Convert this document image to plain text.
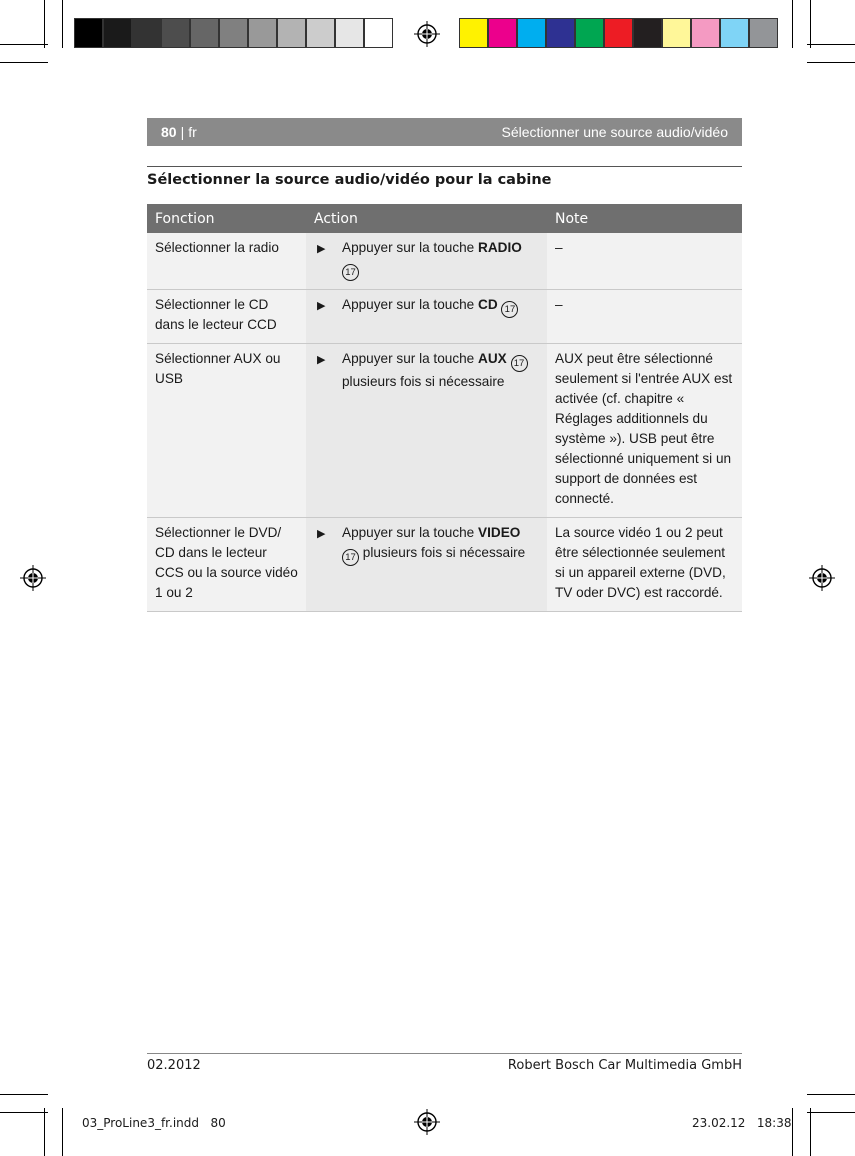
80 | fr	Sélectionner une source audio/vidéo
Sélectionner la source audio/vidéo pour la cabine
Fonction	Action	Note
Sélectionner la radio	▶ Appuyer sur la touche RADIO 17	–
Sélectionner le CD dans le lecteur CCD	▶ Appuyer sur la touche CD 17	–
Sélectionner AUX ou USB	▶ Appuyer sur la touche AUX 17 plusieurs fois si nécessaire	AUX peut être sélectionné seulement si l'entrée AUX est activée (cf. chapitre « Réglages additionnels du système »). USB peut être sélectionné uniquement si un support de données est connecté.
Sélectionner le DVD/ CD dans le lecteur CCS ou la source vidéo 1 ou 2	▶ Appuyer sur la touche VIDEO 17 plusieurs fois si nécessaire	La source vidéo 1 ou 2 peut être sélectionnée seulement si un appareil externe (DVD, TV oder DVC) est raccordé.
02.2012	Robert Bosch Car Multimedia GmbH
03_ProLine3_fr.indd 80	23.02.12 18:38
